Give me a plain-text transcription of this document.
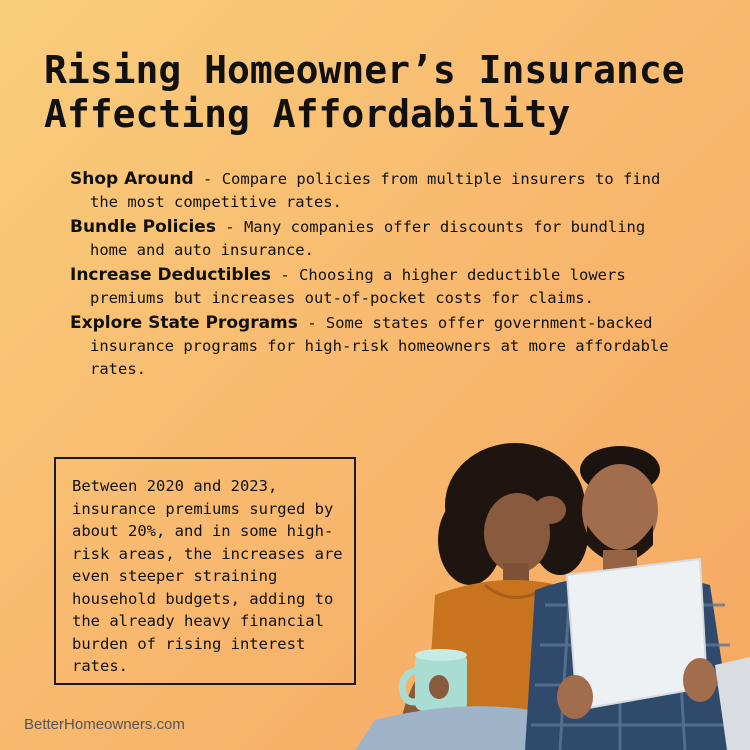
Rising Homeowner’s Insurance
Affecting Affordability
Shop Around - Compare policies from multiple insurers to find the most competitive rates.
Bundle Policies - Many companies offer discounts for bundling home and auto insurance.
Increase Deductibles - Choosing a higher deductible lowers premiums but increases out-of-pocket costs for claims.
Explore State Programs - Some states offer government-backed insurance programs for high-risk homeowners at more affordable rates.
Between 2020 and 2023, insurance premiums surged by about 20%, and in some high-risk areas, the increases are even steeper straining household budgets, adding to the already heavy financial burden of rising interest rates.
BetterHomeowners.com
